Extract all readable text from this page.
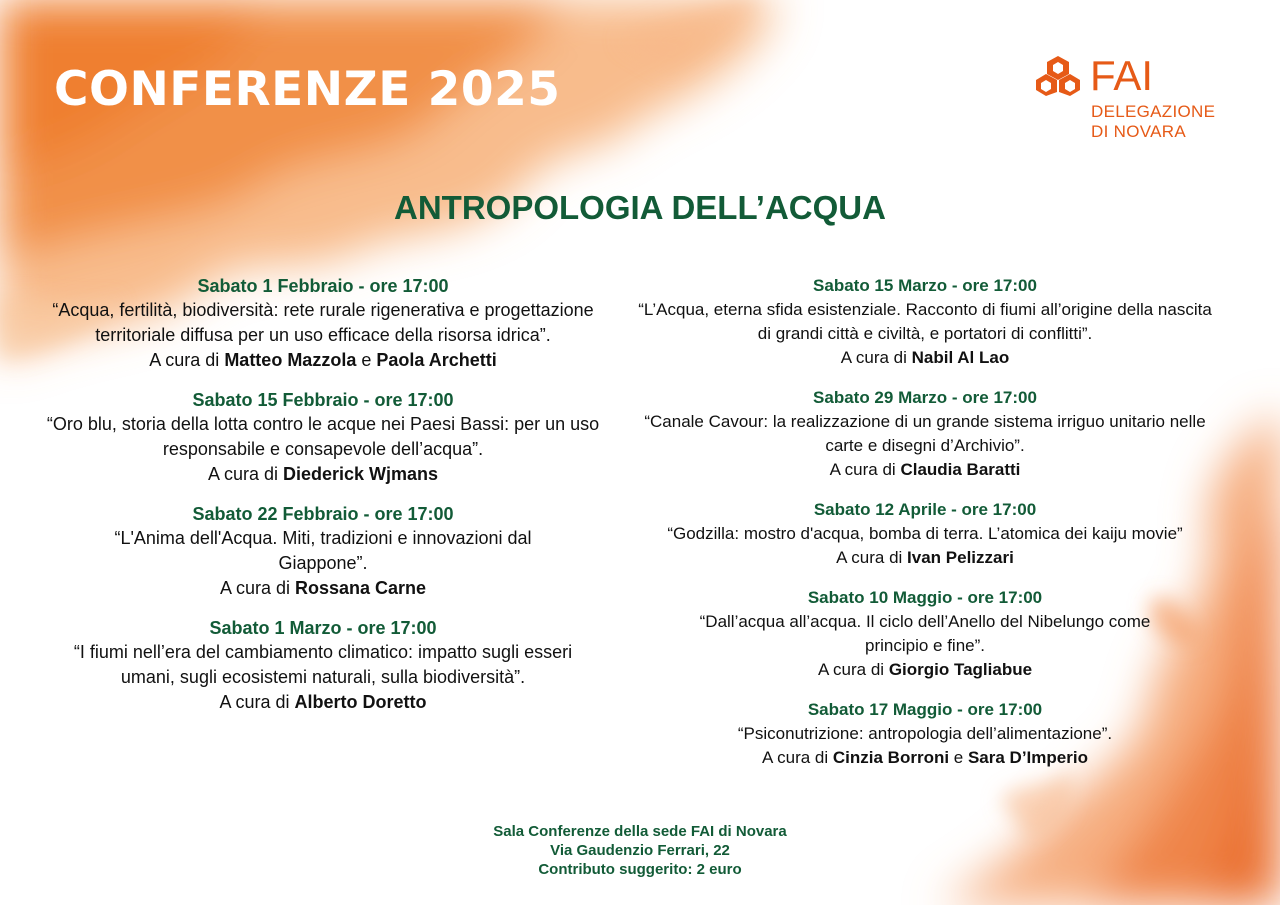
CONFERENZE 2025	FAI
DELEGAZIONE
DI NOVARA
ANTROPOLOGIA DELL’ACQUA
Sabato 1 Febbraio - ore 17:00
“Acqua, fertilità, biodiversità: rete rurale rigenerativa e progettazione territoriale diffusa per un uso efficace della risorsa idrica”.
A cura di Matteo Mazzola e Paola Archetti
Sabato 15 Febbraio - ore 17:00
“Oro blu, storia della lotta contro le acque nei Paesi Bassi: per un uso responsabile e consapevole dell’acqua”.
A cura di Diederick Wjmans
Sabato 22 Febbraio - ore 17:00
“L'Anima dell'Acqua. Miti, tradizioni e innovazioni dal Giappone”.
A cura di Rossana Carne
Sabato 1 Marzo - ore 17:00
“I fiumi nell’era del cambiamento climatico: impatto sugli esseri umani, sugli ecosistemi naturali, sulla biodiversità”.
A cura di Alberto Doretto
Sabato 15 Marzo - ore 17:00
“L’Acqua, eterna sfida esistenziale. Racconto di fiumi all’origine della nascita di grandi città e civiltà, e portatori di conflitti”.
A cura di Nabil Al Lao
Sabato 29 Marzo - ore 17:00
“Canale Cavour: la realizzazione di un grande sistema irriguo unitario nelle carte e disegni d’Archivio”.
A cura di Claudia Baratti
Sabato 12 Aprile - ore 17:00
“Godzilla: mostro d'acqua, bomba di terra. L’atomica dei kaiju movie”
A cura di Ivan Pelizzari
Sabato 10 Maggio - ore 17:00
“Dall’acqua all’acqua. Il ciclo dell’Anello del Nibelungo come principio e fine”.
A cura di Giorgio Tagliabue
Sabato 17 Maggio - ore 17:00
“Psiconutrizione: antropologia dell’alimentazione”.
A cura di Cinzia Borroni e Sara D’Imperio
Sala Conferenze della sede FAI di Novara
Via Gaudenzio Ferrari, 22
Contributo suggerito: 2 euro
